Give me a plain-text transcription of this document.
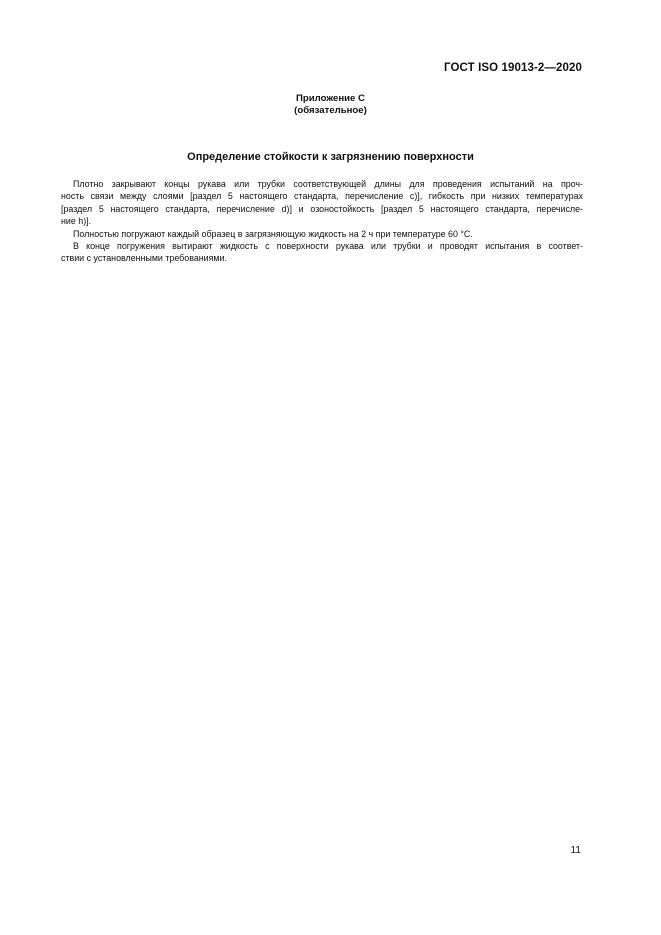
ГОСТ ISO 19013-2—2020
Приложение С
(обязательное)
Определение стойкости к загрязнению поверхности

Плотно закрывают концы рукава или трубки соответствующей длины для проведения испытаний на проч-
ность связи между слоями [раздел 5 настоящего стандарта, перечисление c)], гибкость при низких температурах
[раздел 5 настоящего стандарта, перечисление d)] и озоностойкость [раздел 5 настоящего стандарта, перечисле-
ние h)].

Полностью погружают каждый образец в загрязняющую жидкость на 2 ч при температуре 60 °С.

В конце погружения вытирают жидкость с поверхности рукава или трубки и проводят испытания в соответ-
ствии с установленными требованиями.

11
